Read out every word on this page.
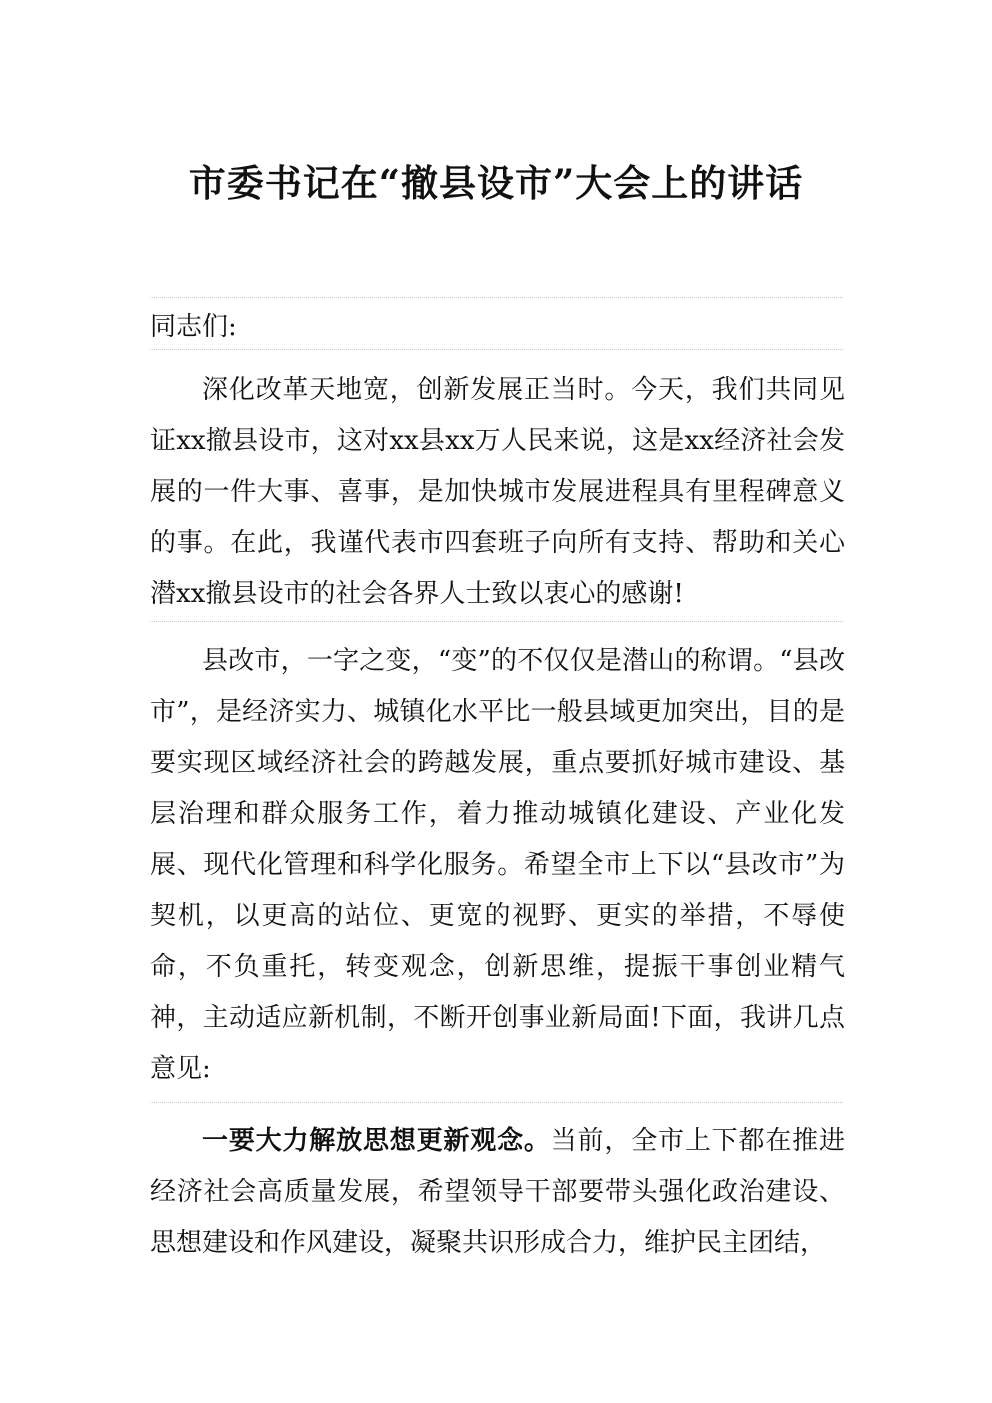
市委书记在“撤县设市”大会上的讲话

同志们:

深化改革天地宽，创新发展正当时。今天，我们共同见证xx撤县设市，这对xx县xx万人民来说，这是xx经济社会发展的一件大事、喜事，是加快城市发展进程具有里程碑意义的事。在此，我谨代表市四套班子向所有支持、帮助和关心潜xx撤县设市的社会各界人士致以衷心的感谢!

县改市，一字之变，“变”的不仅仅是潜山的称谓。“县改市”，是经济实力、城镇化水平比一般县域更加突出，目的是要实现区域经济社会的跨越发展，重点要抓好城市建设、基层治理和群众服务工作，着力推动城镇化建设、产业化发展、现代化管理和科学化服务。希望全市上下以“县改市”为契机，以更高的站位、更宽的视野、更实的举措，不辱使命，不负重托，转变观念，创新思维，提振干事创业精气神，主动适应新机制，不断开创事业新局面!下面，我讲几点意见:

一要大力解放思想更新观念。当前，全市上下都在推进经济社会高质量发展，希望领导干部要带头强化政治建设、思想建设和作风建设，凝聚共识形成合力，维护民主团结，
